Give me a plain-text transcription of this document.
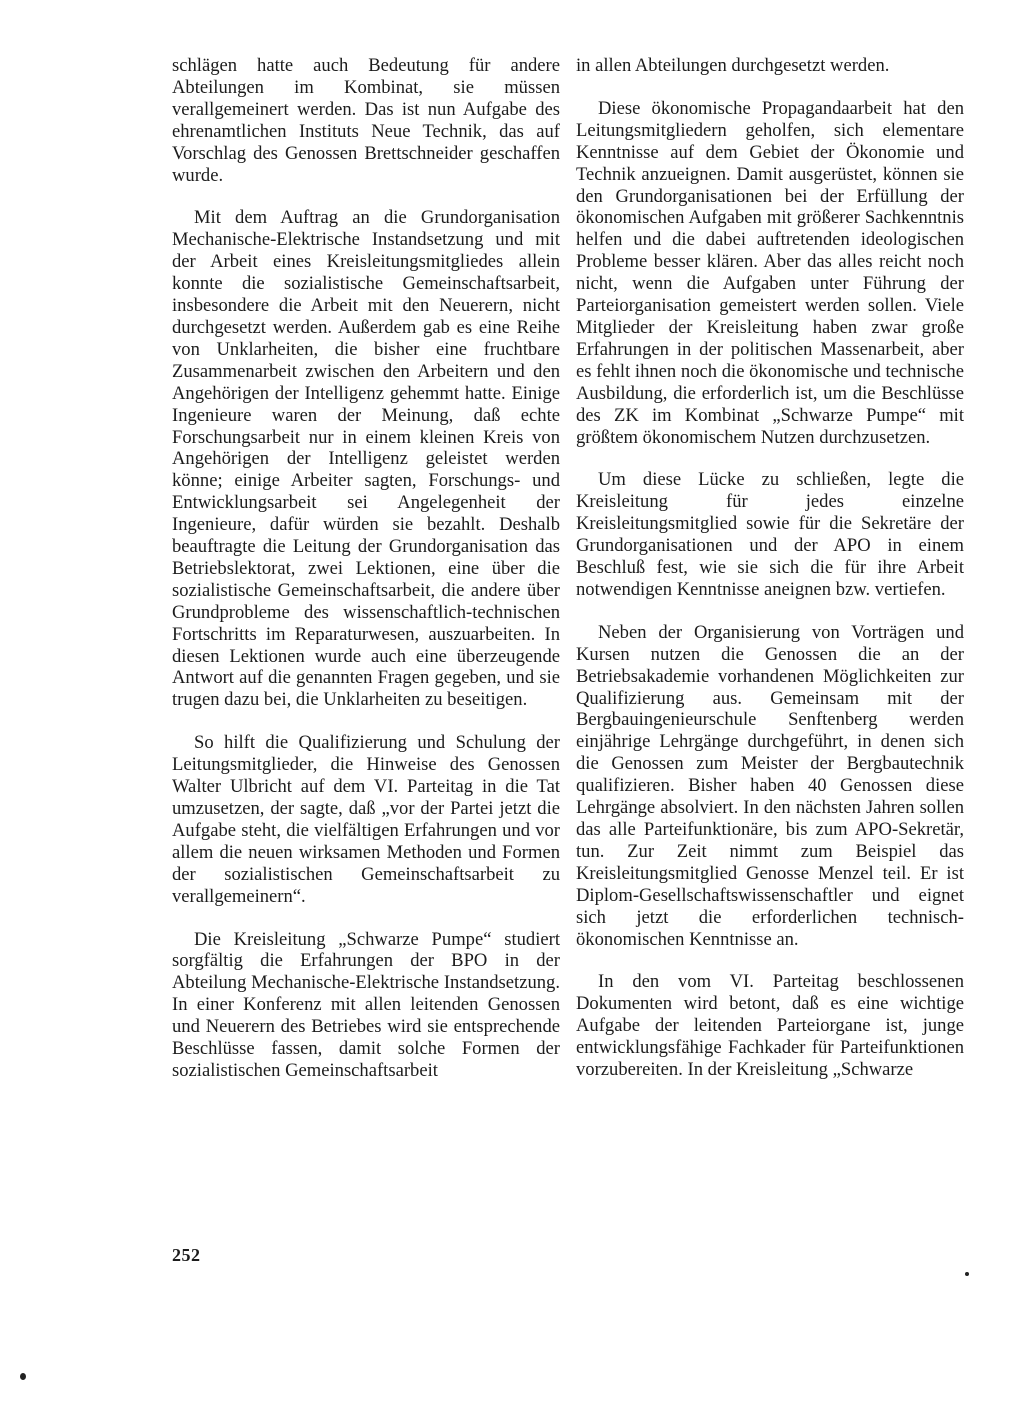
schlägen hatte auch Bedeutung für andere Abteilungen im Kombinat, sie müssen verallgemeinert werden. Das ist nun Aufgabe des ehrenamtlichen Instituts Neue Technik, das auf Vorschlag des Genossen Brettschneider geschaffen wurde.

Mit dem Auftrag an die Grundorganisation Mechanische-Elektrische Instandsetzung und mit der Arbeit eines Kreisleitungsmitgliedes allein konnte die sozialistische Gemeinschaftsarbeit, insbesondere die Arbeit mit den Neuerern, nicht durchgesetzt werden. Außerdem gab es eine Reihe von Unklarheiten, die bisher eine fruchtbare Zusammenarbeit zwischen den Arbeitern und den Angehörigen der Intelligenz gehemmt hatte. Einige Ingenieure waren der Meinung, daß echte Forschungsarbeit nur in einem kleinen Kreis von Angehörigen der Intelligenz geleistet werden könne; einige Arbeiter sagten, Forschungs- und Entwicklungsarbeit sei Angelegenheit der Ingenieure, dafür würden sie bezahlt. Deshalb beauftragte die Leitung der Grundorganisation das Betriebslektorat, zwei Lektionen, eine über die sozialistische Gemeinschaftsarbeit, die andere über Grundprobleme des wissenschaftlich-technischen Fortschritts im Reparaturwesen, auszuarbeiten. In diesen Lektionen wurde auch eine überzeugende Antwort auf die genannten Fragen gegeben, und sie trugen dazu bei, die Unklarheiten zu beseitigen.

So hilft die Qualifizierung und Schulung der Leitungsmitglieder, die Hinweise des Genossen Walter Ulbricht auf dem VI. Parteitag in die Tat umzusetzen, der sagte, daß „vor der Partei jetzt die Aufgabe steht, die vielfältigen Erfahrungen und vor allem die neuen wirksamen Methoden und Formen der sozialistischen Gemeinschaftsarbeit zu verallgemeinern“.

Die Kreisleitung „Schwarze Pumpe“ studiert sorgfältig die Erfahrungen der BPO in der Abteilung Mechanische-Elektrische Instandsetzung. In einer Konferenz mit allen leitenden Genossen und Neuerern des Betriebes wird sie entsprechende Beschlüsse fassen, damit solche Formen der sozialistischen Gemeinschaftsarbeit

in allen Abteilungen durchgesetzt werden.

Diese ökonomische Propagandaarbeit hat den Leitungsmitgliedern geholfen, sich elementare Kenntnisse auf dem Gebiet der Ökonomie und Technik anzueignen. Damit ausgerüstet, können sie den Grundorganisationen bei der Erfüllung der ökonomischen Aufgaben mit größerer Sachkenntnis helfen und die dabei auftretenden ideologischen Probleme besser klären. Aber das alles reicht noch nicht, wenn die Aufgaben unter Führung der Parteiorganisation gemeistert werden sollen. Viele Mitglieder der Kreisleitung haben zwar große Erfahrungen in der politischen Massenarbeit, aber es fehlt ihnen noch die ökonomische und technische Ausbildung, die erforderlich ist, um die Beschlüsse des ZK im Kombinat „Schwarze Pumpe“ mit größtem ökonomischem Nutzen durchzusetzen.

Um diese Lücke zu schließen, legte die Kreisleitung für jedes einzelne Kreisleitungsmitglied sowie für die Sekretäre der Grundorganisationen und der APO in einem Beschluß fest, wie sie sich die für ihre Arbeit notwendigen Kenntnisse aneignen bzw. vertiefen.

Neben der Organisierung von Vorträgen und Kursen nutzen die Genossen die an der Betriebsakademie vorhandenen Möglichkeiten zur Qualifizierung aus. Gemeinsam mit der Bergbauingenieurschule Senftenberg werden einjährige Lehrgänge durchgeführt, in denen sich die Genossen zum Meister der Bergbautechnik qualifizieren. Bisher haben 40 Genossen diese Lehrgänge absolviert. In den nächsten Jahren sollen das alle Parteifunktionäre, bis zum APO-Sekretär, tun. Zur Zeit nimmt zum Beispiel das Kreisleitungsmitglied Genosse Menzel teil. Er ist Diplom-Gesellschaftswissenschaftler und eignet sich jetzt die erforderlichen technisch-ökonomischen Kenntnisse an.

In den vom VI. Parteitag beschlossenen Dokumenten wird betont, daß es eine wichtige Aufgabe der leitenden Parteiorgane ist, junge entwicklungsfähige Fachkader für Parteifunktionen vorzubereiten. In der Kreisleitung „Schwarze

252
